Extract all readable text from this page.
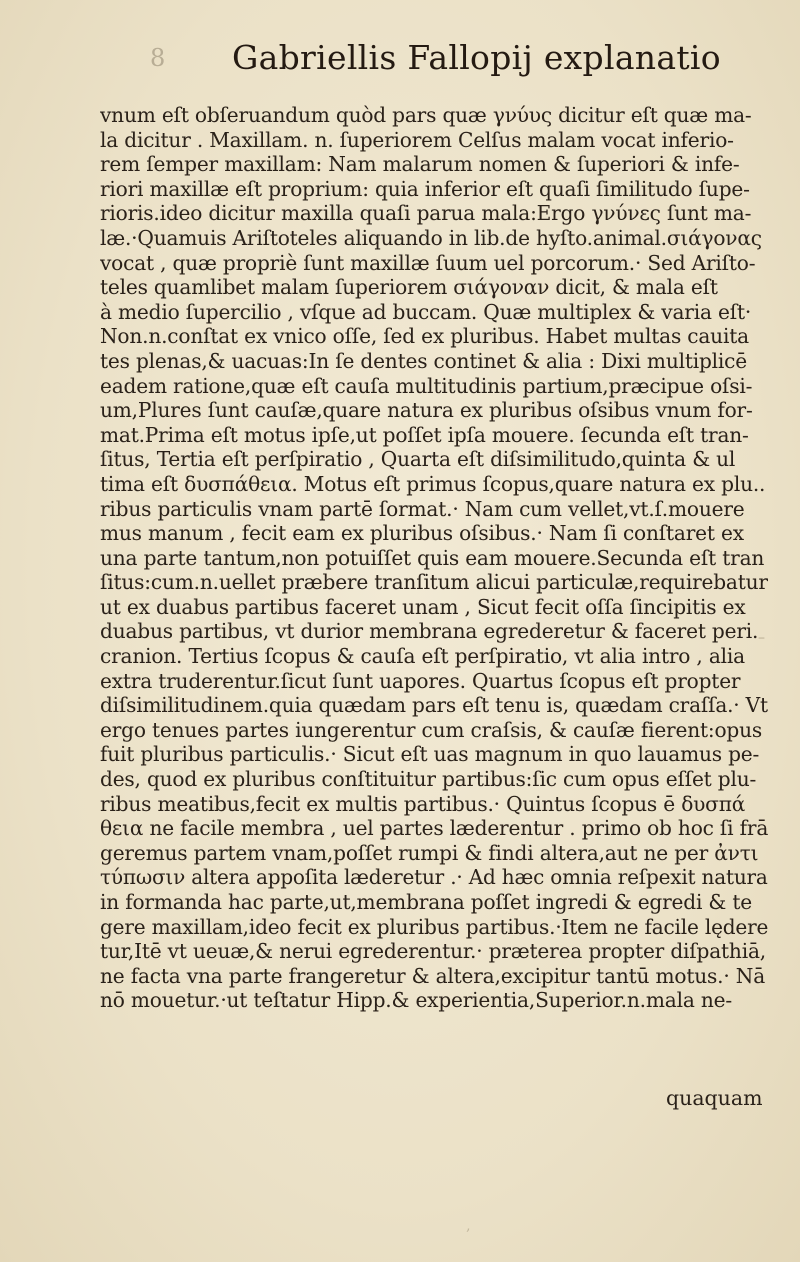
8 Gabriellis Fallopij explanatio
vnum eſt obſeruandum quòd pars quæ γνύυς dicitur eſt quæ ma-
la dicitur . Maxillam. n. ſuperiorem Celſus malam vocat inferio-
rem ſemper maxillam: Nam malarum nomen & ſuperiori & infe-
riori maxillæ eſt proprium: quia inferior eſt quaſi ſimilitudo ſupe-
rioris.ideo dicitur maxilla quaſi parua mala:Ergo γνύνες ſunt ma-
læ.·Quamuis Ariſtoteles aliquando in lib.de hyſto.animal.σιάγονας
vocat , quæ propriè ſunt maxillæ ſuum uel porcorum.· Sed Ariſto-
teles quamlibet malam ſuperiorem σιάγοναν dicit, & mala eſt
à medio ſupercilio , vſque ad buccam. Quæ multiplex & varia eſt·
Non.n.conſtat ex vnico oſſe, ſed ex pluribus. Habet multas cauita
tes plenas,& uacuas:In ſe dentes continet & alia : Dixi multiplicē
eadem ratione,quæ eſt cauſa multitudinis partium,præcipue oſsi-
um,Plures ſunt cauſæ,quare natura ex pluribus oſsibus vnum for-
mat.Prima eſt motus ipſe,ut poſſet ipſa mouere. ſecunda eſt tran-
ſitus, Tertia eſt perſpiratio , Quarta eſt diſsimilitudo,quinta & ul
tima eſt δυσπάθεια. Motus eſt primus ſcopus,quare natura ex plu..
ribus particulis vnam partē ſormat.· Nam cum vellet,vt.ſ.mouere
mus manum , fecit eam ex pluribus oſsibus.· Nam ſi conſtaret ex
una parte tantum,non potuiſſet quis eam mouere.Secunda eſt tran
ſitus:cum.n.uellet præbere tranſitum alicui particulæ,requirebatur
ut ex duabus partibus faceret unam , Sicut fecit oſſa ſincipitis ex
duabus partibus, vt durior membrana egrederetur & faceret peri.
cranion. Tertius ſcopus & cauſa eſt perſpiratio, vt alia intro , alia
extra truderentur.ſicut ſunt uapores. Quartus ſcopus eſt propter
diſsimilitudinem.quia quædam pars eſt tenu is, quædam craſſa.· Vt
ergo tenues partes iungerentur cum craſsis, & cauſæ fierent:opus
fuit pluribus particulis.· Sicut eſt uas magnum in quo lauamus pe-
des, quod ex pluribus conſtituitur partibus:ſic cum opus eſſet plu-
ribus meatibus,fecit ex multis partibus.· Quintus ſcopus ē δυσπά
θεια ne facile membra , uel partes læderentur . primo ob hoc ſi frā
geremus partem vnam,poſſet rumpi & findi altera,aut ne per ἀντι
τύπωσιν altera appoſita læderetur .· Ad hæc omnia reſpexit natura
in formanda hac parte,ut,membrana poſſet ingredi & egredi & te
gere maxillam,ideo fecit ex pluribus partibus.·Item ne facile lędere
tur,Itē vt ueuæ,& nerui egrederentur.· præterea propter diſpathiā,
ne facta vna parte frangeretur & altera,excipitur tantū motus.· Nā
nō mouetur.·ut teſtatur Hipp.& experientia,Superior.n.mala ne-
quaquam
–
‚
